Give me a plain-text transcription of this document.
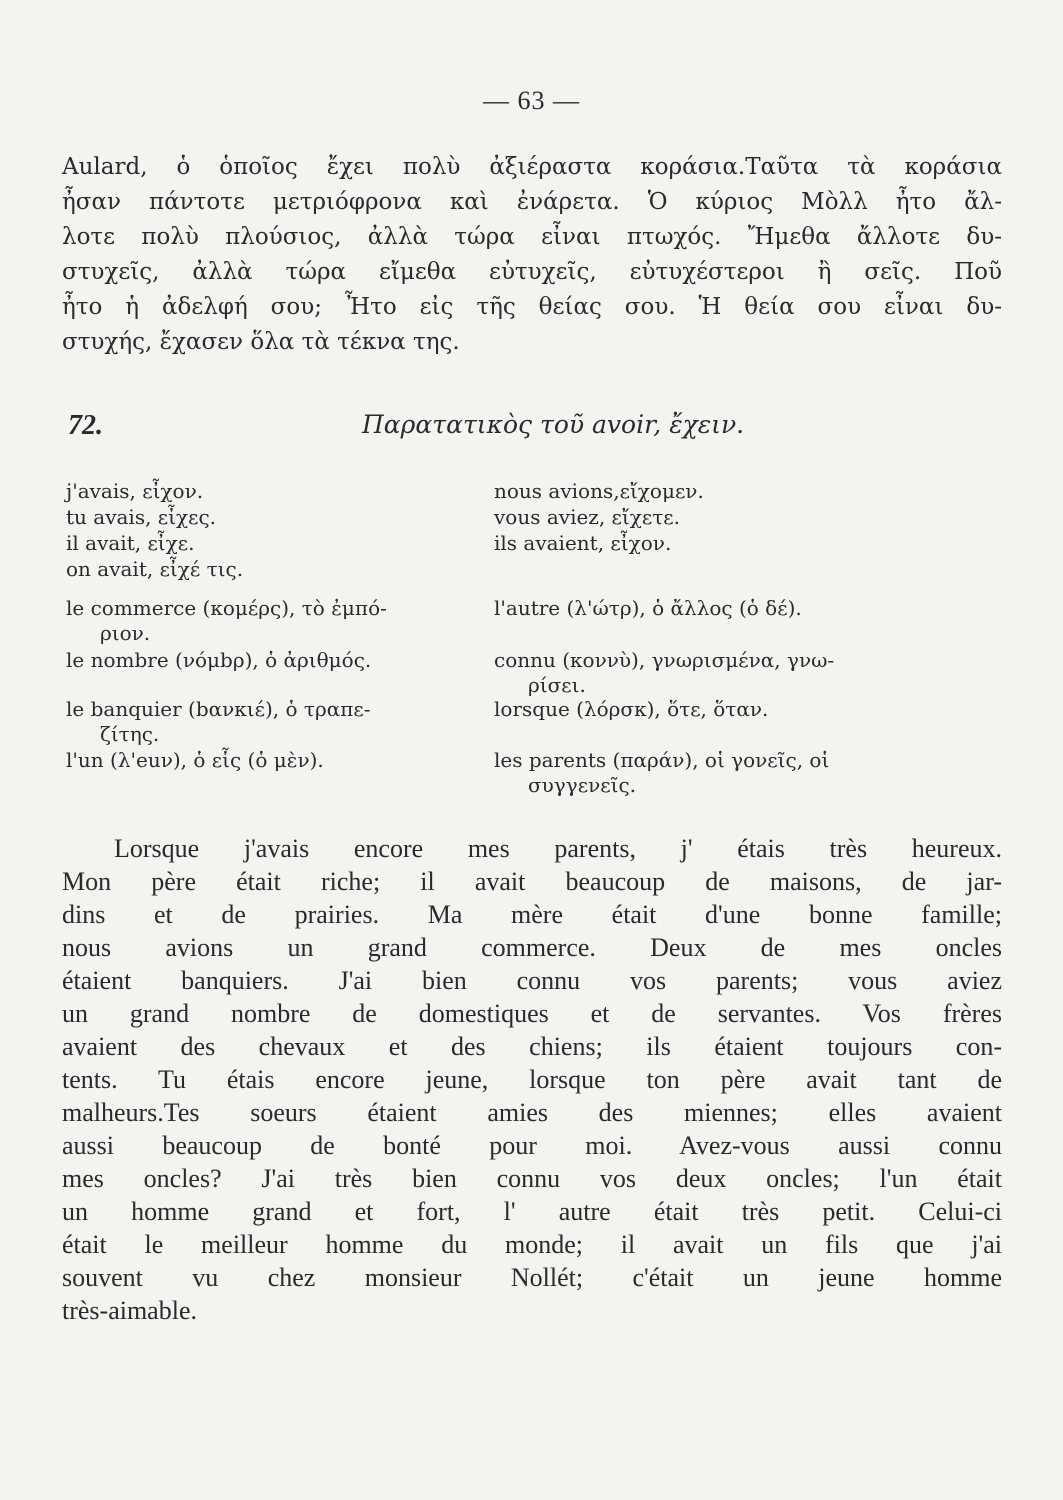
— 63 —
Aulard, ὁ ὁποῖος ἔχει πολὺ ἀξιέραστα κοράσια.Ταῦτα τὰ κοράσια
ἦσαν πάντοτε μετριόφρονα καὶ ἐνάρετα. Ὁ κύριος Μὸλλ ἦτο ἄλ-
λοτε πολὺ πλούσιος, ἀλλὰ τώρα εἶναι πτωχός. Ἤμεθα ἄλλοτε δυ-
στυχεῖς, ἀλλὰ τώρα εἴμεθα εὐτυχεῖς, εὐτυχέστεροι ἢ σεῖς. Ποῦ
ἦτο ἡ ἀδελφή σου; Ἦτο εἰς τῆς θείας σου. Ἡ θεία σου εἶναι δυ-
στυχής, ἔχασεν ὅλα τὰ τέκνα της.
72.	Παρατατικὸς τοῦ avoir, ἔχειν.
j'avais, εἶχον.
tu avais, εἶχες.
il avait, εἶχε.
on avait, εἶχέ τις.
nous avions,εἴχομεν.
vous aviez, εἴχετε.
ils avaient, εἶχον.
le commerce (κομέρς), τὸ ἐμπό-
ριον.
le nombre (νόμbρ), ὁ ἀριθμός.
le banquier (bανκιέ), ὁ τραπε-
ζίτης.
l'un (λ'euν), ὁ εἷς (ὁ μὲν).
l'autre (λ'ώτρ), ὁ ἄλλος (ὁ δέ).
connu (κοννὺ), γνωρισμένα, γνω-
ρίσει.
lorsque (λόρσκ), ὅτε, ὅταν.
les parents (παράν), οἱ γονεῖς, οἱ
συγγενεῖς.
Lorsque j'avais encore mes parents, j' étais très heureux.
Mon père était riche; il avait beaucoup de maisons, de jar-
dins et de prairies. Ma mère était d'une bonne famille;
nous avions un grand commerce. Deux de mes oncles
étaient banquiers. J'ai bien connu vos parents; vous aviez
un grand nombre de domestiques et de servantes. Vos frères
avaient des chevaux et des chiens; ils étaient toujours con-
tents. Tu étais encore jeune, lorsque ton père avait tant de
malheurs.Tes soeurs étaient amies des miennes; elles avaient
aussi beaucoup de bonté pour moi. Avez-vous aussi connu
mes oncles? J'ai très bien connu vos deux oncles; l'un était
un homme grand et fort, l' autre était très petit. Celui-ci
était le meilleur homme du monde; il avait un fils que j'ai
souvent vu chez monsieur Nollét; c'était un jeune homme
très-aimable.
